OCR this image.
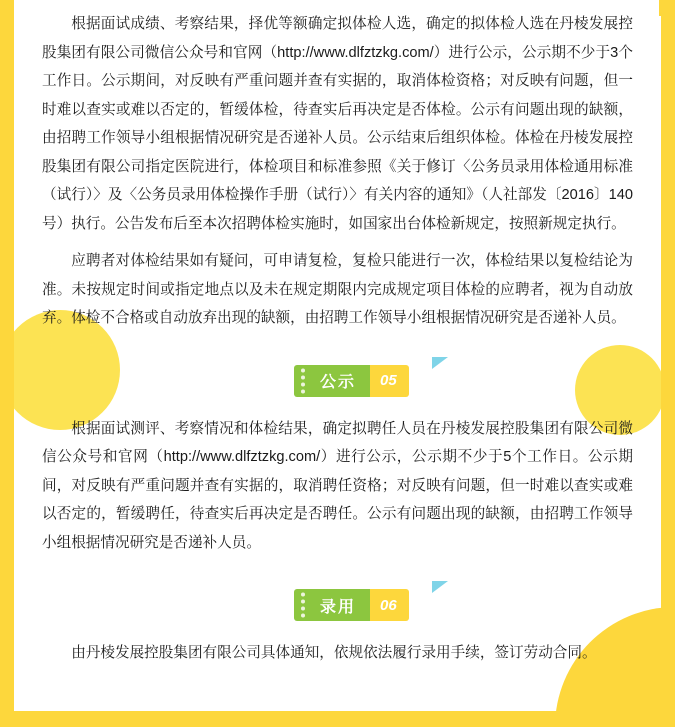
根据面试成绩、考察结果，择优等额确定拟体检人选，确定的拟体检人选在丹棱发展控股集团有限公司微信公众号和官网（http://www.dlfztzkg.com/）进行公示，公示期不少于3个工作日。公示期间，对反映有严重问题并查有实据的，取消体检资格；对反映有问题，但一时难以查实或难以否定的，暂缓体检，待查实后再决定是否体检。公示有问题出现的缺额，由招聘工作领导小组根据情况研究是否递补人员。公示结束后组织体检。体检在丹棱发展控股集团有限公司指定医院进行，体检项目和标准参照《关于修订〈公务员录用体检通用标准（试行）〉及〈公务员录用体检操作手册（试行）〉有关内容的通知》（人社部发〔2016〕140号）执行。公告发布后至本次招聘体检实施时，如国家出台体检新规定，按照新规定执行。

应聘者对体检结果如有疑问，可申请复检，复检只能进行一次，体检结果以复检结论为准。未按规定时间或指定地点以及未在规定期限内完成规定项目体检的应聘者，视为自动放弃。体检不合格或自动放弃出现的缺额，由招聘工作领导小组根据情况研究是否递补人员。

公示	05

根据面试测评、考察情况和体检结果，确定拟聘任人员在丹棱发展控股集团有限公司微信公众号和官网（http://www.dlfztzkg.com/）进行公示，公示期不少于5个工作日。公示期间，对反映有严重问题并查有实据的，取消聘任资格；对反映有问题，但一时难以查实或难以否定的，暂缓聘任，待查实后再决定是否聘任。公示有问题出现的缺额，由招聘工作领导小组根据情况研究是否递补人员。

录用	06

由丹棱发展控股集团有限公司具体通知，依规依法履行录用手续，签订劳动合同。
